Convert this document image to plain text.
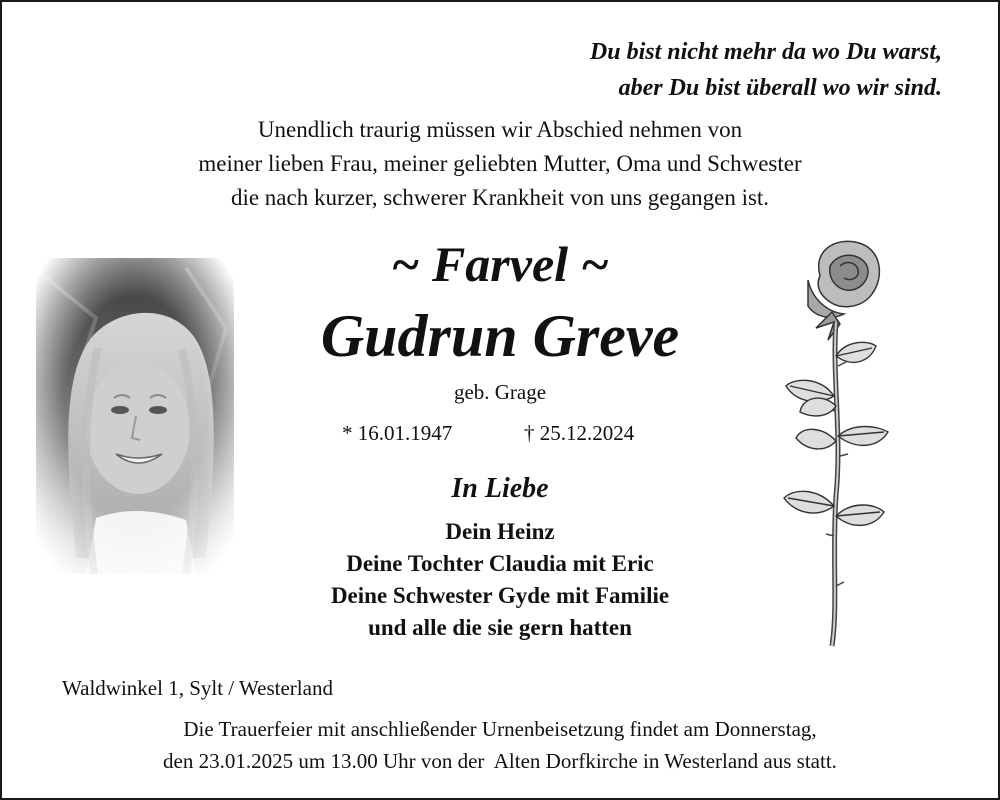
Du bist nicht mehr da wo Du warst,
aber Du bist überall wo wir sind.
Unendlich traurig müssen wir Abschied nehmen von
meiner lieben Frau, meiner geliebten Mutter, Oma und Schwester
die nach kurzer, schwerer Krankheit von uns gegangen ist.
~ Farvel ~
Gudrun Greve
geb. Grage
* 16.01.1947	† 25.12.2024
In Liebe
Dein Heinz
Deine Tochter Claudia mit Eric
Deine Schwester Gyde mit Familie
und alle die sie gern hatten
Waldwinkel 1, Sylt / Westerland
Die Trauerfeier mit anschließender Urnenbeisetzung findet am Donnerstag,
den 23.01.2025 um 13.00 Uhr von der  Alten Dorfkirche in Westerland aus statt.
